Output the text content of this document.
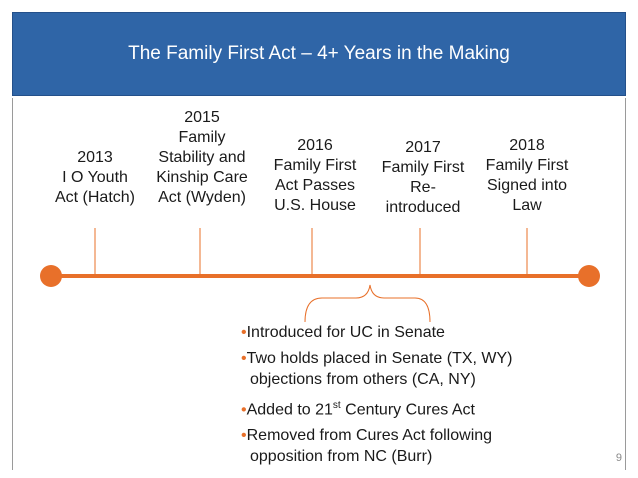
The Family First Act – 4+ Years in the Making
2013
I O Youth
Act (Hatch)
2015
Family
Stability and
Kinship Care
Act (Wyden)
2016
Family First
Act Passes
U.S. House
2017
Family First
Re-
introduced
2018
Family First
Signed into
Law
•Introduced for UC in Senate
•Two holds placed in Senate (TX, WY) objections from others (CA, NY)
•Added to 21st Century Cures Act
•Removed from Cures Act following opposition from NC (Burr)	9
